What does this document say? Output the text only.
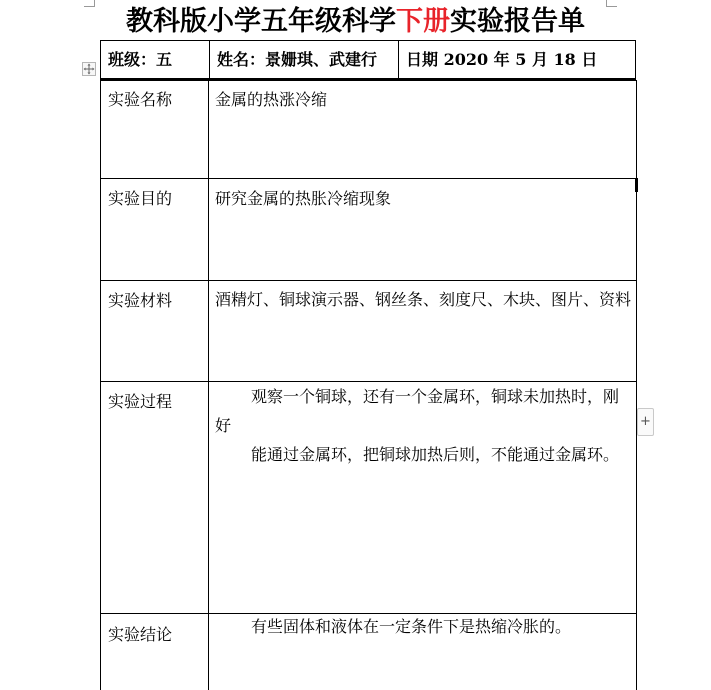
教科版小学五年级科学下册实验报告单
班级：五	姓名：景姗琪、武建行	日期 2020 年 5 月 18 日
实验名称	金属的热涨冷缩

实验目的	研究金属的热胀冷缩现象

实验材料	酒精灯、铜球演示器、钢丝条、刻度尺、木块、图片、资料

实验过程	观察一个铜球，还有一个金属环，铜球未加热时，刚好

能通过金属环，把铜球加热后则，不能通过金属环。

实验结论	有些固体和液体在一定条件下是热缩冷胀的。

+
